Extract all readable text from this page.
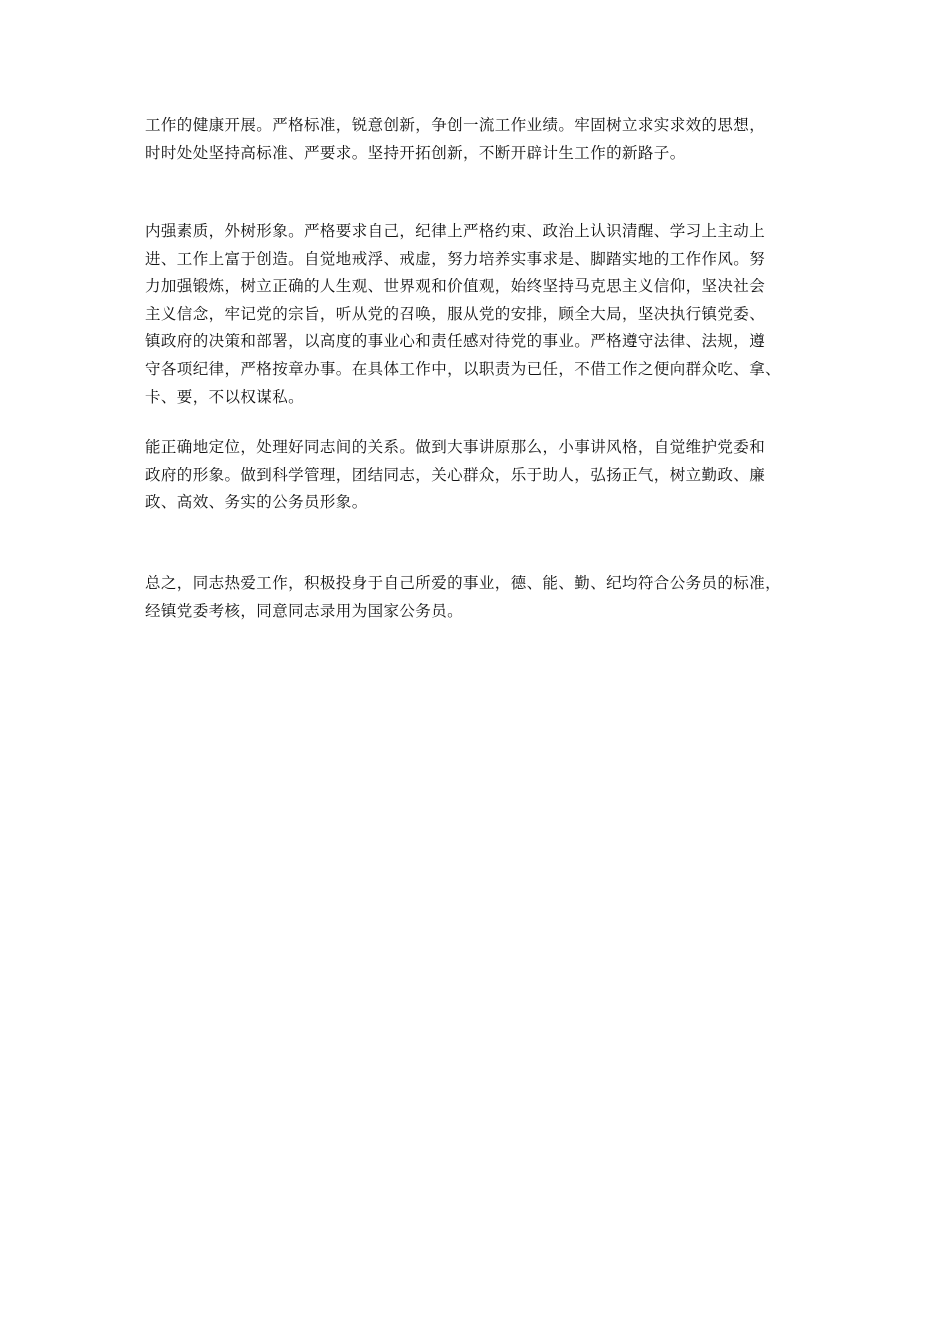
工作的健康开展。严格标准，锐意创新，争创一流工作业绩。牢固树立求实求效的思想，
时时处处坚持高标准、严要求。坚持开拓创新，不断开辟计生工作的新路子。

内强素质，外树形象。严格要求自己，纪律上严格约束、政治上认识清醒、学习上主动上
进、工作上富于创造。自觉地戒浮、戒虚，努力培养实事求是、脚踏实地的工作作风。努
力加强锻炼，树立正确的人生观、世界观和价值观，始终坚持马克思主义信仰，坚决社会
主义信念，牢记党的宗旨，听从党的召唤，服从党的安排，顾全大局，坚决执行镇党委、
镇政府的决策和部署，以高度的事业心和责任感对待党的事业。严格遵守法律、法规，遵
守各项纪律，严格按章办事。在具体工作中，以职责为已任，不借工作之便向群众吃、拿、
卡、要，不以权谋私。

能正确地定位，处理好同志间的关系。做到大事讲原那么，小事讲风格，自觉维护党委和
政府的形象。做到科学管理，团结同志，关心群众，乐于助人，弘扬正气，树立勤政、廉
政、高效、务实的公务员形象。

总之，同志热爱工作，积极投身于自己所爱的事业，德、能、勤、纪均符合公务员的标准，
经镇党委考核，同意同志录用为国家公务员。
